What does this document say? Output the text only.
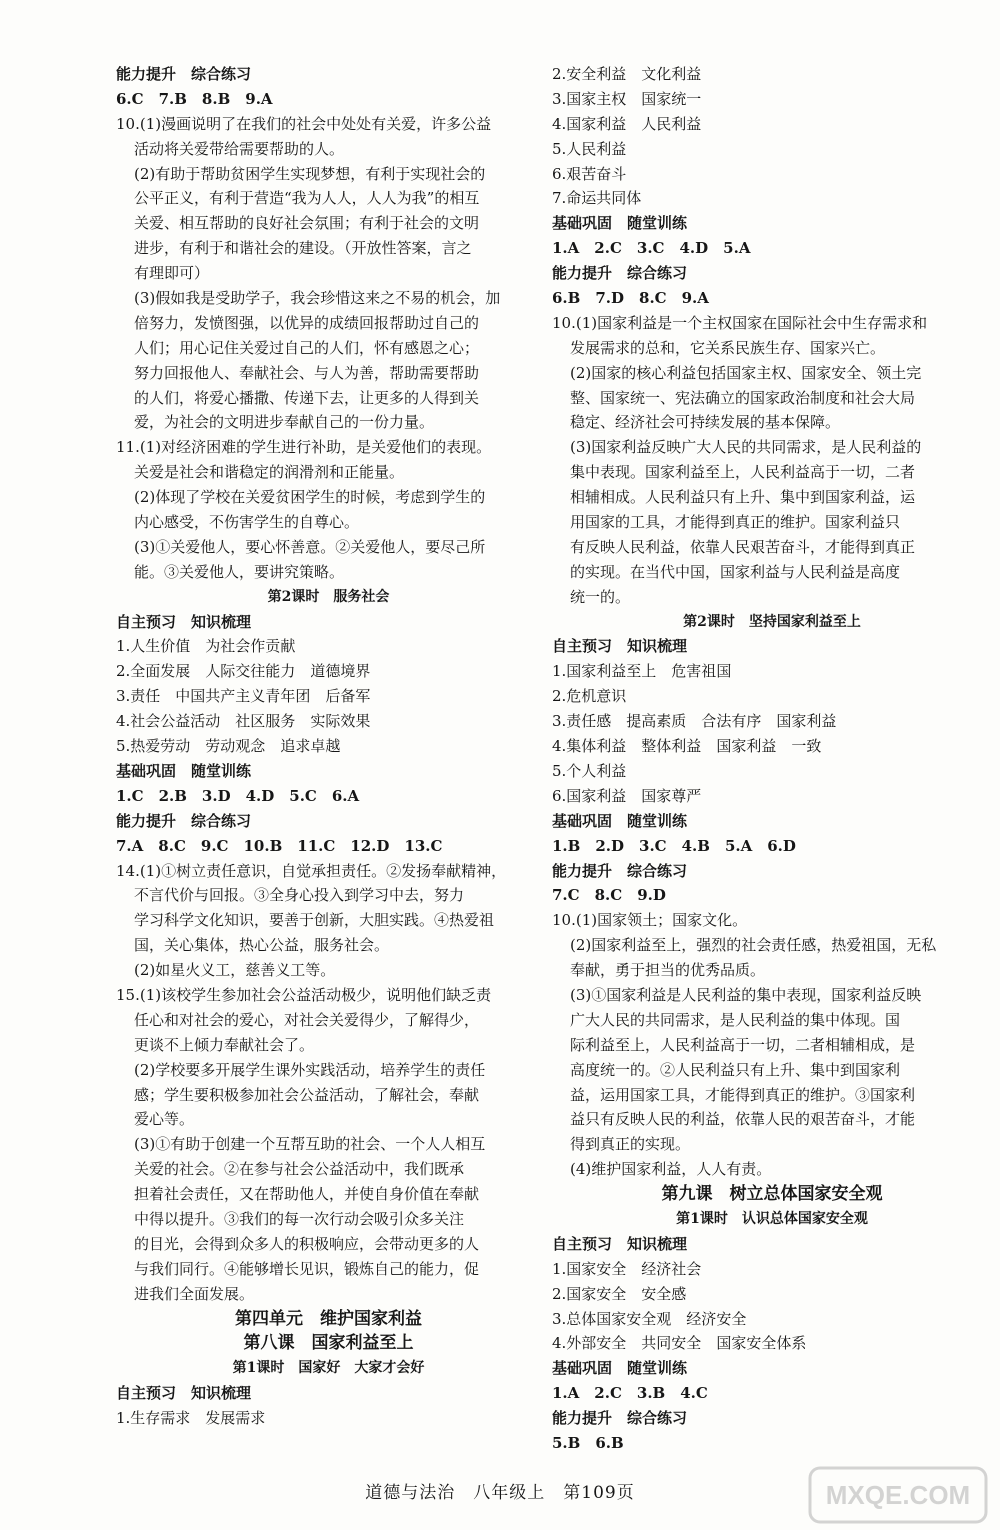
能力提升　综合练习
6.C　7.B　8.B　9.A
10.(1)漫画说明了在我们的社会中处处有关爱，许多公益
活动将关爱带给需要帮助的人。
(2)有助于帮助贫困学生实现梦想，有利于实现社会的
公平正义，有利于营造“我为人人，人人为我”的相互
关爱、相互帮助的良好社会氛围；有利于社会的文明
进步，有利于和谐社会的建设。（开放性答案，言之
有理即可）
(3)假如我是受助学子，我会珍惜这来之不易的机会，加
倍努力，发愤图强，以优异的成绩回报帮助过自己的
人们；用心记住关爱过自己的人们，怀有感恩之心；
努力回报他人、奉献社会、与人为善，帮助需要帮助
的人们，将爱心播撒、传递下去，让更多的人得到关
爱，为社会的文明进步奉献自己的一份力量。
11.(1)对经济困难的学生进行补助，是关爱他们的表现。
关爱是社会和谐稳定的润滑剂和正能量。
(2)体现了学校在关爱贫困学生的时候，考虑到学生的
内心感受，不伤害学生的自尊心。
(3)①关爱他人，要心怀善意。②关爱他人，要尽己所
能。③关爱他人，要讲究策略。
第2课时　服务社会
自主预习　知识梳理
1.人生价值　为社会作贡献
2.全面发展　人际交往能力　道德境界
3.责任　中国共产主义青年团　后备军
4.社会公益活动　社区服务　实际效果
5.热爱劳动　劳动观念　追求卓越
基础巩固　随堂训练
1.C　2.B　3.D　4.D　5.C　6.A
能力提升　综合练习
7.A　8.C　9.C　10.B　11.C　12.D　13.C
14.(1)①树立责任意识，自觉承担责任。②发扬奉献精神，
不言代价与回报。③全身心投入到学习中去，努力
学习科学文化知识，要善于创新，大胆实践。④热爱祖
国，关心集体，热心公益，服务社会。
(2)如星火义工，慈善义工等。
15.(1)该校学生参加社会公益活动极少，说明他们缺乏责
任心和对社会的爱心，对社会关爱得少，了解得少，
更谈不上倾力奉献社会了。
(2)学校要多开展学生课外实践活动，培养学生的责任
感；学生要积极参加社会公益活动，了解社会，奉献
爱心等。
(3)①有助于创建一个互帮互助的社会、一个人人相互
关爱的社会。②在参与社会公益活动中，我们既承
担着社会责任，又在帮助他人，并使自身价值在奉献
中得以提升。③我们的每一次行动会吸引众多关注
的目光，会得到众多人的积极响应，会带动更多的人
与我们同行。④能够增长见识，锻炼自己的能力，促
进我们全面发展。
第四单元　维护国家利益
第八课　国家利益至上
第1课时　国家好　大家才会好
自主预习　知识梳理
1.生存需求　发展需求
2.安全利益　文化利益
3.国家主权　国家统一
4.国家利益　人民利益
5.人民利益
6.艰苦奋斗
7.命运共同体
基础巩固　随堂训练
1.A　2.C　3.C　4.D　5.A
能力提升　综合练习
6.B　7.D　8.C　9.A
10.(1)国家利益是一个主权国家在国际社会中生存需求和
发展需求的总和，它关系民族生存、国家兴亡。
(2)国家的核心利益包括国家主权、国家安全、领土完
整、国家统一、宪法确立的国家政治制度和社会大局
稳定、经济社会可持续发展的基本保障。
(3)国家利益反映广大人民的共同需求，是人民利益的
集中表现。国家利益至上，人民利益高于一切，二者
相辅相成。人民利益只有上升、集中到国家利益，运
用国家的工具，才能得到真正的维护。国家利益只
有反映人民利益，依靠人民艰苦奋斗，才能得到真正
的实现。在当代中国，国家利益与人民利益是高度
统一的。
第2课时　坚持国家利益至上
自主预习　知识梳理
1.国家利益至上　危害祖国
2.危机意识
3.责任感　提高素质　合法有序　国家利益
4.集体利益　整体利益　国家利益　一致
5.个人利益
6.国家利益　国家尊严
基础巩固　随堂训练
1.B　2.D　3.C　4.B　5.A　6.D
能力提升　综合练习
7.C　8.C　9.D
10.(1)国家领土；国家文化。
(2)国家利益至上，强烈的社会责任感，热爱祖国，无私
奉献，勇于担当的优秀品质。
(3)①国家利益是人民利益的集中表现，国家利益反映
广大人民的共同需求，是人民利益的集中体现。国
际利益至上，人民利益高于一切，二者相辅相成，是
高度统一的。②人民利益只有上升、集中到国家利
益，运用国家工具，才能得到真正的维护。③国家利
益只有反映人民的利益，依靠人民的艰苦奋斗，才能
得到真正的实现。
(4)维护国家利益，人人有责。
第九课　树立总体国家安全观
第1课时　认识总体国家安全观
自主预习　知识梳理
1.国家安全　经济社会
2.国家安全　安全感
3.总体国家安全观　经济安全
4.外部安全　共同安全　国家安全体系
基础巩固　随堂训练
1.A　2.C　3.B　4.C
能力提升　综合练习
5.B　6.B
道德与法治　八年级上　第109页	MXQE.COM
